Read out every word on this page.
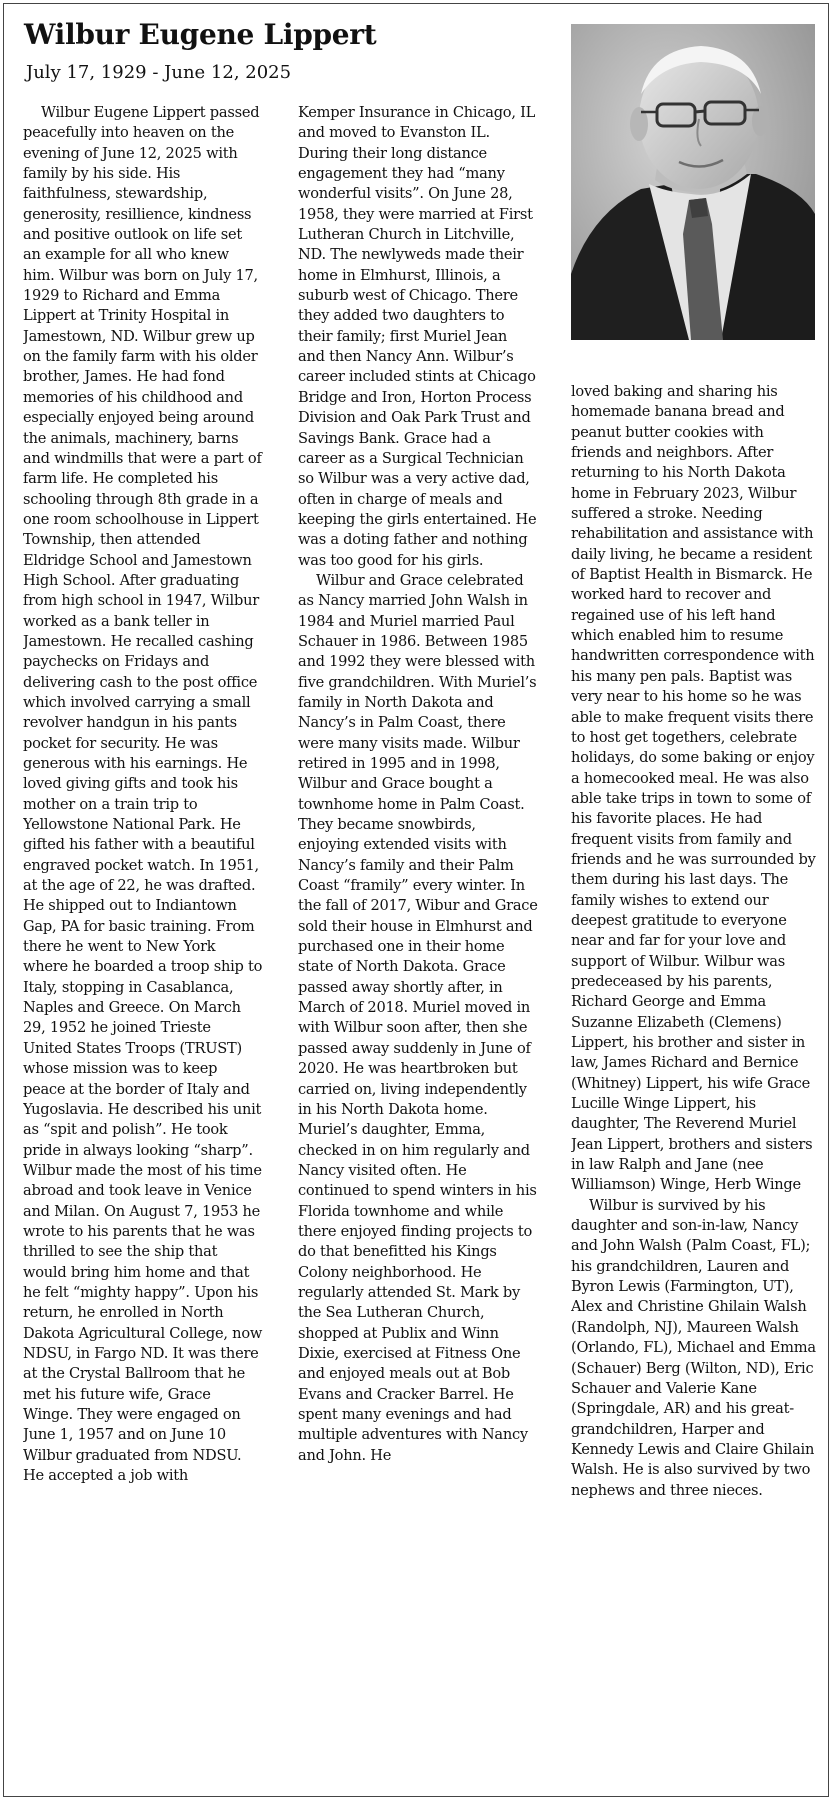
Wilbur Eugene Lippert
July 17, 1929 - June 12, 2025

Wilbur Eugene Lippert passed peacefully into heaven on the evening of June 12, 2025 with family by his side. His faithfulness, stewardship, generosity, resillience, kindness and positive outlook on life set an example for all who knew him. Wilbur was born on July 17, 1929 to Richard and Emma Lippert at Trinity Hospital in Jamestown, ND. Wilbur grew up on the family farm with his older brother, James. He had fond memories of his childhood and especially enjoyed being around the animals, machinery, barns and windmills that were a part of farm life. He completed his schooling through 8th grade in a one room schoolhouse in Lippert Township, then attended Eldridge School and Jamestown High School. After graduating from high school in 1947, Wilbur worked as a bank teller in Jamestown. He recalled cashing paychecks on Fridays and delivering cash to the post office which involved carrying a small revolver handgun in his pants pocket for security. He was generous with his earnings. He loved giving gifts and took his mother on a train trip to Yellowstone National Park. He gifted his father with a beautiful engraved pocket watch. In 1951, at the age of 22, he was drafted. He shipped out to Indiantown Gap, PA for basic training. From there he went to New York where he boarded a troop ship to Italy, stopping in Casablanca, Naples and Greece. On March 29, 1952 he joined Trieste United States Troops (TRUST) whose mission was to keep peace at the border of Italy and Yugoslavia. He described his unit as “spit and polish”. He took pride in always looking “sharp”. Wilbur made the most of his time abroad and took leave in Venice and Milan. On August 7, 1953 he wrote to his parents that he was thrilled to see the ship that would bring him home and that he felt “mighty happy”. Upon his return, he enrolled in North Dakota Agricultural College, now NDSU, in Fargo ND. It was there at the Crystal Ballroom that he met his future wife, Grace Winge. They were engaged on June 1, 1957 and on June 10 Wilbur graduated from NDSU. He accepted a job with

Kemper Insurance in Chicago, IL and moved to Evanston IL. During their long distance engagement they had “many wonderful visits”. On June 28, 1958, they were married at First Lutheran Church in Litchville, ND. The newlyweds made their home in Elmhurst, Illinois, a suburb west of Chicago. There they added two daughters to their family; first Muriel Jean and then Nancy Ann. Wilbur’s career included stints at Chicago Bridge and Iron, Horton Process Division and Oak Park Trust and Savings Bank. Grace had a career as a Surgical Technician so Wilbur was a very active dad, often in charge of meals and keeping the girls entertained. He was a doting father and nothing was too good for his girls.

Wilbur and Grace celebrated as Nancy married John Walsh in 1984 and Muriel married Paul Schauer in 1986. Between 1985 and 1992 they were blessed with five grandchildren. With Muriel’s family in North Dakota and Nancy’s in Palm Coast, there were many visits made. Wilbur retired in 1995 and in 1998, Wilbur and Grace bought a townhome home in Palm Coast. They became snowbirds, enjoying extended visits with Nancy’s family and their Palm Coast “framily” every winter. In the fall of 2017, Wibur and Grace sold their house in Elmhurst and purchased one in their home state of North Dakota. Grace passed away shortly after, in March of 2018. Muriel moved in with Wilbur soon after, then she passed away suddenly in June of 2020. He was heartbroken but carried on, living independently in his North Dakota home. Muriel’s daughter, Emma, checked in on him regularly and Nancy visited often. He continued to spend winters in his Florida townhome and while there enjoyed finding projects to do that benefitted his Kings Colony neighborhood. He regularly attended St. Mark by the Sea Lutheran Church, shopped at Publix and Winn Dixie, exercised at Fitness One and enjoyed meals out at Bob Evans and Cracker Barrel. He spent many evenings and had multiple adventures with Nancy and John. He

loved baking and sharing his homemade banana bread and peanut butter cookies with friends and neighbors. After returning to his North Dakota home in February 2023, Wilbur suffered a stroke. Needing rehabilitation and assistance with daily living, he became a resident of Baptist Health in Bismarck. He worked hard to recover and regained use of his left hand which enabled him to resume handwritten correspondence with his many pen pals. Baptist was very near to his home so he was able to make frequent visits there to host get togethers, celebrate holidays, do some baking or enjoy a homecooked meal. He was also able take trips in town to some of his favorite places. He had frequent visits from family and friends and he was surrounded by them during his last days. The family wishes to extend our deepest gratitude to everyone near and far for your love and support of Wilbur. Wilbur was predeceased by his parents, Richard George and Emma Suzanne Elizabeth (Clemens) Lippert, his brother and sister in law, James Richard and Bernice (Whitney) Lippert, his wife Grace Lucille Winge Lippert, his daughter, The Reverend Muriel Jean Lippert, brothers and sisters in law Ralph and Jane (nee Williamson) Winge, Herb Winge

Wilbur is survived by his daughter and son-in-law, Nancy and John Walsh (Palm Coast, FL); his grandchildren, Lauren and Byron Lewis (Farmington, UT), Alex and Christine Ghilain Walsh (Randolph, NJ), Maureen Walsh (Orlando, FL), Michael and Emma (Schauer) Berg (Wilton, ND), Eric Schauer and Valerie Kane (Springdale, AR) and his great-grandchildren, Harper and Kennedy Lewis and Claire Ghilain Walsh. He is also survived by two nephews and three nieces.
